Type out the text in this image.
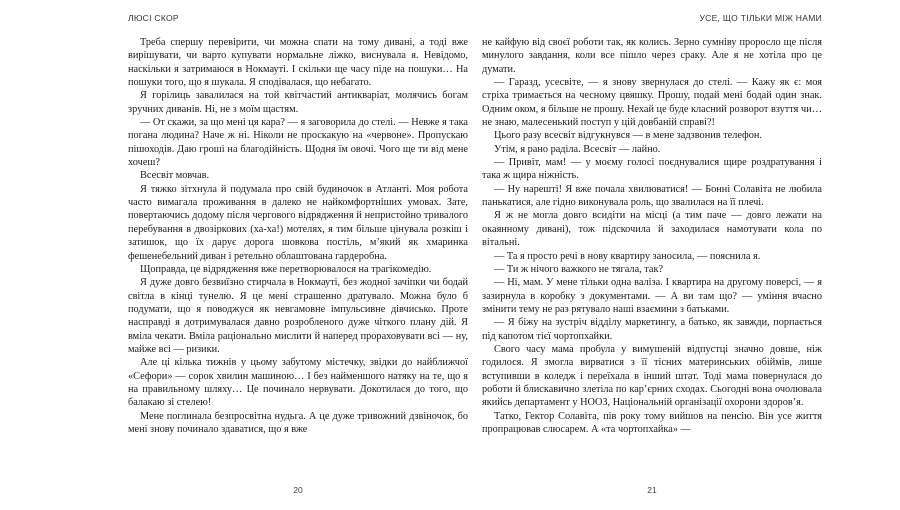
ЛЮСІ СКОР

Треба спершу перевірити, чи можна спати на тому дивані, а тоді вже вирішувати, чи варто купувати нормальне ліжко, виснувала я. Невідомо, наскільки я затримаюся в Нокмауті. І скільки ще часу піде на пошуки… На пошуки того, що я шукала. Я сподівалася, що небагато.

Я горілиць завалилася на той квітчастий антикваріат, молячись богам зручних диванів. Ні, не з моїм щастям.

— От скажи, за що мені ця кара? — я заговорила до стелі. — Невже я така погана людина? Наче ж ні. Ніколи не проскакую на «червоне». Пропускаю пішоходів. Даю гроші на благодійність. Щодня їм овочі. Чого ще ти від мене хочеш?

Всесвіт мовчав.

Я тяжко зітхнула й подумала про свій будиночок в Атланті. Моя робота часто вимагала проживання в далеко не найкомфортніших умовах. Зате, повертаючись додому після чергового відрядження й непристойно тривалого перебування в двозіркових (ха-ха!) мотелях, я тим більше цінувала розкіш і затишок, що їх дарує дорога шовкова постіль, м’який як хмаринка фешенебельний диван і ретельно облаштована гардеробна.

Щоправда, це відрядження вже перетворювалося на трагікомедію.

Я дуже довго безвиїзно стирчала в Нокмауті, без жодної зачіпки чи бодай світла в кінці тунелю. Я це мені страшенно дратувало. Можна було б подумати, що я поводжуся як невгамовне імпульсивне дівчисько. Проте насправді я дотримувалася давно розробленого дуже чіткого плану дій. Я вміла чекати. Вміла раціонально мислити й наперед прораховувати всі — ну, майже всі — ризики.

Але ці кілька тижнів у цьому забутому містечку, звідки до найближчої «Сефори» — сорок хвилин машиною… І без найменшого натяку на те, що я на правильному шляху… Це починало нервувати. Докотилася до того, що балакаю зі стелею!

Мене поглинала безпросвітна нудьга. А це дуже тривожний дзвіночок, бо мені знову починало здаватися, що я вже

20
УСЕ, ЩО ТІЛЬКИ МІЖ НАМИ

не кайфую від своєї роботи так, як колись. Зерно сумніву проросло ще після минулого завдання, коли все пішло через сраку. Але я не хотіла про це думати.

— Гаразд, усесвіте, — я знову звернулася до стелі. — Кажу як є: моя стріха тримається на чесному цвяшку. Прошу, подай мені бодай один знак. Одним оком, я більше не прошу. Нехай це буде класний розворот взуття чи… не знаю, малесенький поступ у цій довбаній справі?!

Цього разу всесвіт відгукнувся — в мене задзвонив телефон.

Утім, я рано раділа. Всесвіт — лайно.

— Привіт, мам! — у моєму голосі поєднувалися щире роздратування і така ж щира ніжність.

— Ну нарешті! Я вже почала хвилюватися! — Бонні Солавіта не любила панькатися, але гідно виконувала роль, що звалилася на її плечі.

Я ж не могла довго всидіти на місці (а тим паче — довго лежати на окаянному дивані), тож підскочила й заходилася намотувати кола по вітальні.

— Та я просто речі в нову квартиру заносила, — пояснила я.

— Ти ж нічого важкого не тягала, так?

— Ні, мам. У мене тільки одна валіза. І квартира на другому поверсі, — я зазирнула в коробку з документами. — А ви там що? — уміння вчасно змінити тему не раз рятувало наші взаємини з батьками.

— Я біжу на зустріч відділу маркетингу, а батько, як завжди, порпається під капотом тієї чортопхайки.

Свого часу мама пробула у вимушеній відпустці значно довше, ніж годилося. Я змогла вирватися з її тісних материнських обіймів, лише вступивши в коледж і переїхала в інший штат. Тоді мама повернулася до роботи й блискавично злетіла по кар’єрних сходах. Сьогодні вона очолювала якийсь департамент у НООЗ, Національній організації охорони здоров’я.

Татко, Гектор Солавіта, пів року тому вийшов на пенсію. Він усе життя пропрацював слюсарем. А «та чортопхайка» —

21
